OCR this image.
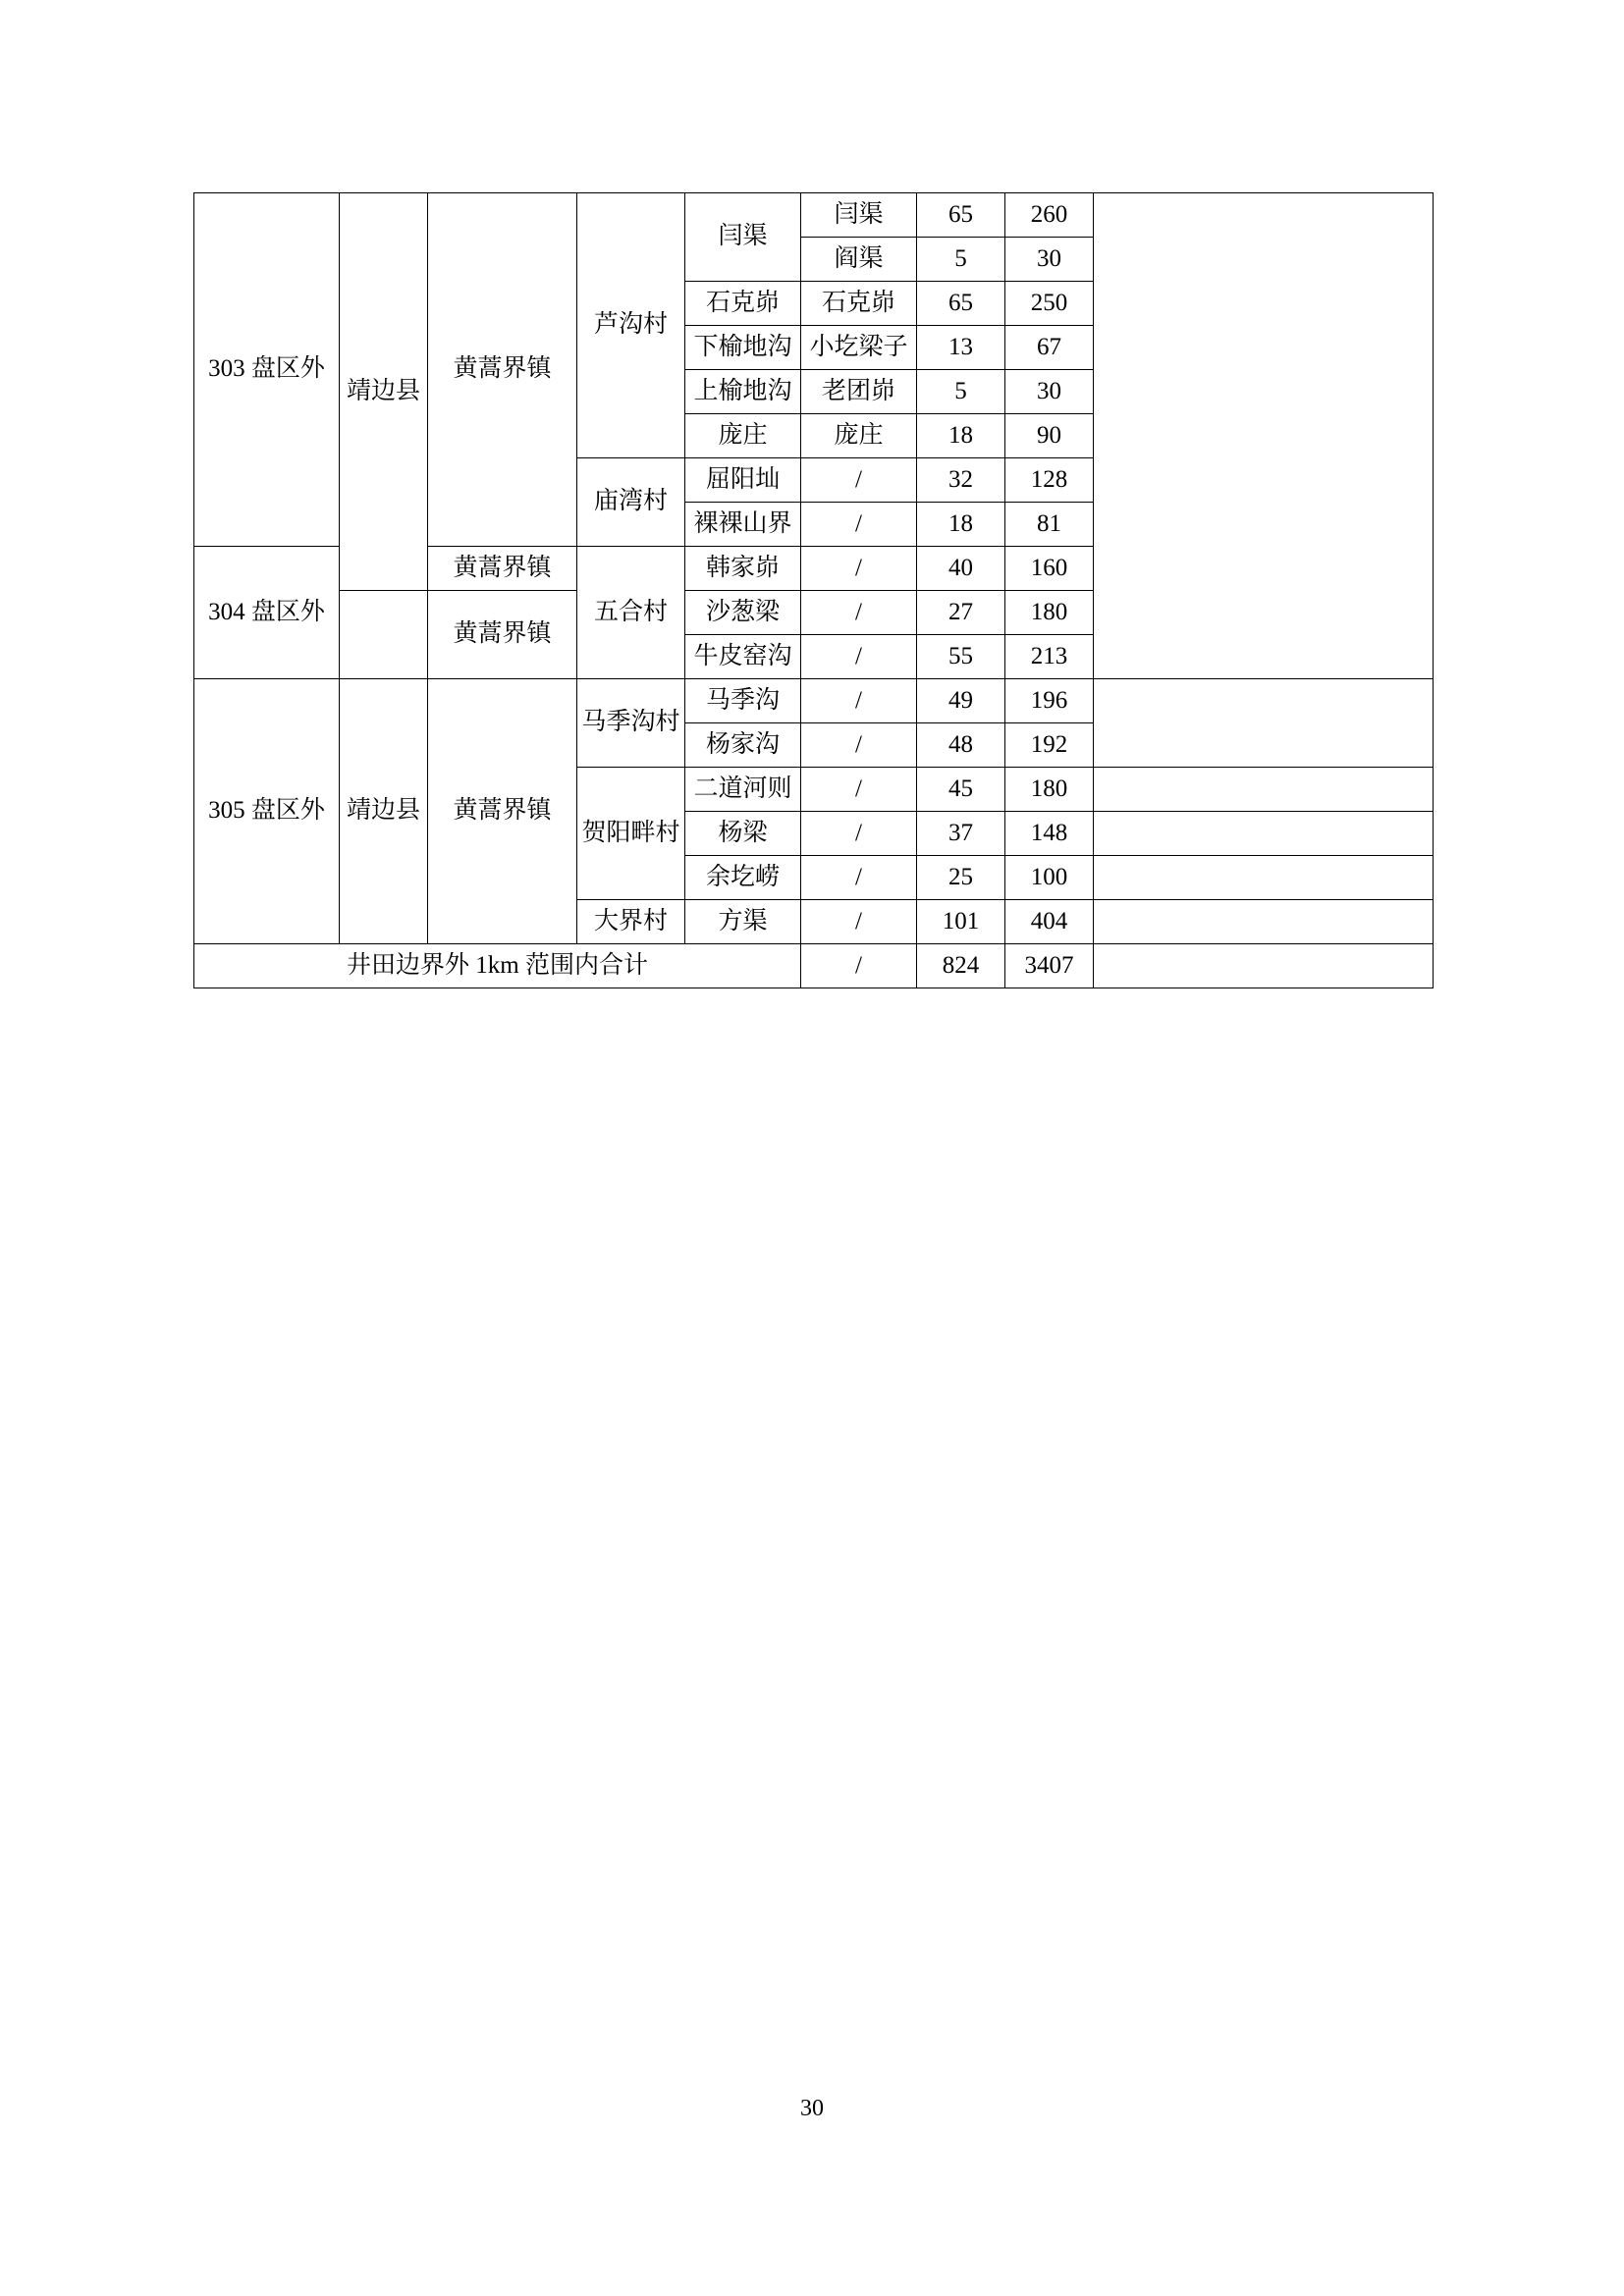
303 盘区外	靖边县	黄蒿界镇	芦沟村	闫渠	闫渠	65	260	
					阎渠	5	30	
				石克峁	石克峁	65	250	
				下榆地沟	小圪梁子	13	67	
				上榆地沟	老团峁	5	30	
				庞庄	庞庄	18	90	
			庙湾村	屈阳圸	/	32	128	
				裸裸山界	/	18	81	
304 盘区外		黄蒿界镇	五合村	韩家峁	/	40	160	
		黄蒿界镇		沙葱梁	/	27	180	
				牛皮窑沟	/	55	213	
305 盘区外	靖边县	黄蒿界镇	马季沟村	马季沟	/	49	196	
				杨家沟	/	48	192	
			贺阳畔村	二道河则	/	45	180	
				杨梁	/	37	148	
				余圪崂	/	25	100	
			大界村	方渠	/	101	404	
井田边界外 1km 范围内合计					/	824	3407	
30
